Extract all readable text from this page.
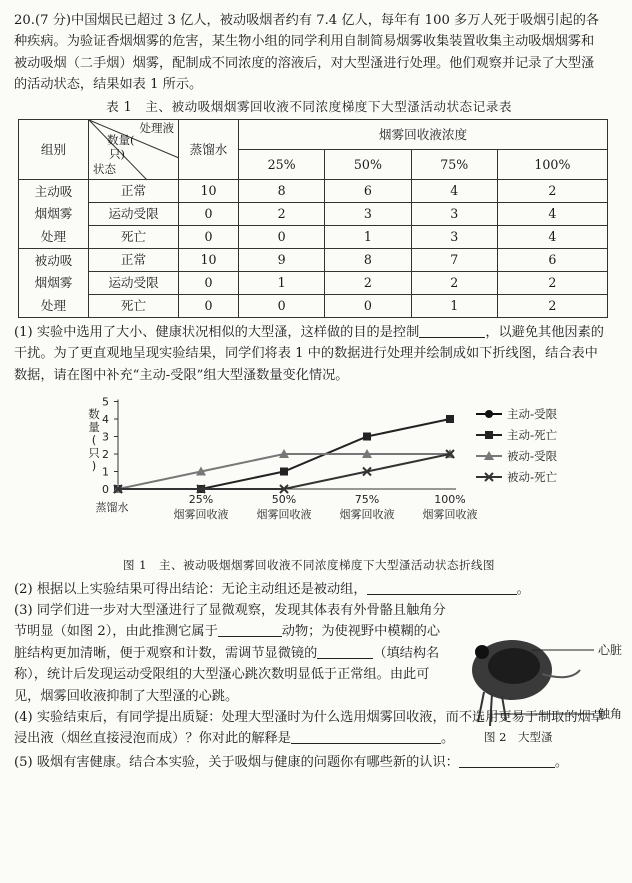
20.(7 分)中国烟民已超过 3 亿人，被动吸烟者约有 7.4 亿人，每年有 100 多万人死于吸烟引起的各种疾病。为验证香烟烟雾的危害，某生物小组的同学利用自制简易烟雾收集装置收集主动吸烟烟雾和被动吸烟（二手烟）烟雾，配制成不同浓度的溶液后，对大型溞进行处理。他们观察并记录了大型溞的活动状态，结果如表 1 所示。
表 1　主、被动吸烟烟雾回收液不同浓度梯度下大型溞活动状态记录表
组别	处理液
数量(
只)
状态	蒸馏水	烟雾回收液浓度			
			25%	50%	75%	100%
主动吸	正常	10	8	6	4	2
烟烟雾	运动受限	0	2	3	3	4
处理	死亡	0	0	1	3	4
被动吸	正常	10	9	8	7	6
烟烟雾	运动受限	0	1	2	2	2
处理	死亡	0	0	0	1	2
(1) 实验中选用了大小、健康状况相似的大型溞，这样做的目的是控制	，以避免其他因素的干扰。为了更直观地呈现实验结果，同学们将表 1 中的数据进行处理并绘制成如下折线图，结合表中数据，请在图中补充“主动-受限”组大型溞数量变化情况。
0
1
2
3
4
5
数
量
(
只
)
蒸馏水
25%
烟雾回收液
50%
烟雾回收液
75%
烟雾回收液
100%
烟雾回收液
主动-受限
主动-死亡
被动-受限
被动-死亡
图 1　主、被动吸烟烟雾回收液不同浓度梯度下大型溞活动状态折线图
(2) 根据以上实验结果可得出结论：无论主动组还是被动组，	。
(3) 同学们进一步对大型溞进行了显微观察，发现其体表有外骨骼且触角分节明显（如图 2），由此推测它属于	动物；为使视野中模糊的心脏结构更加清晰，便于观察和计数，需调节显微镜的	（填结构名称），统计后发现运动受限组的大型溞心跳次数明显低于正常组。由此可见，烟雾回收液抑制了大型溞的心跳。
心脏
触角
图 2　大型溞
(4) 实验结束后，有同学提出质疑：处理大型溞时为什么选用烟雾回收液，而不选用更易于制取的烟草浸出液（烟丝直接浸泡而成）？你对此的解释是	。
(5) 吸烟有害健康。结合本实验，关于吸烟与健康的问题你有哪些新的认识：	。
